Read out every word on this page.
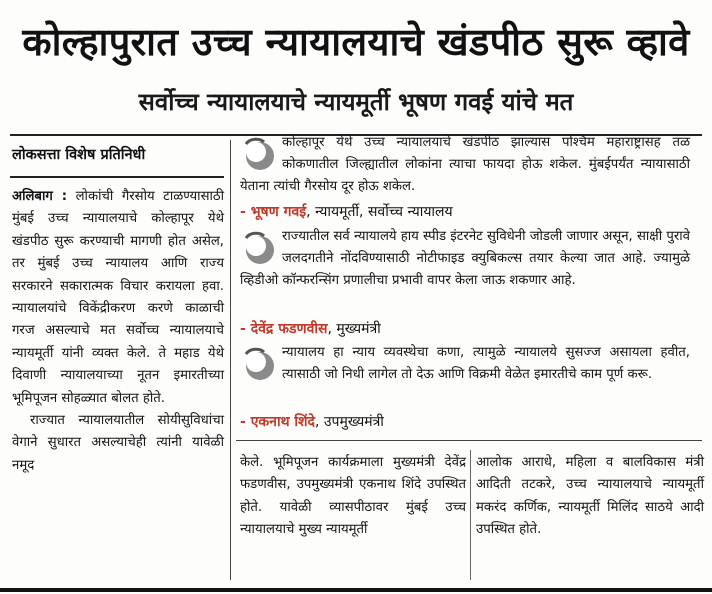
कोल्हापुरात उच्च न्यायालयाचे खंडपीठ सुरू व्हावे
सर्वोच्च न्यायालयाचे न्यायमूर्ती भूषण गवई यांचे मत
लोकसत्ता विशेष प्रतिनिधी

अलिबाग : लोकांची गैरसोय टाळण्यासाठी मुंबई उच्च न्यायालयाचे कोल्हापूर येथे खंडपीठ सुरू करण्याची मागणी होत असेल, तर मुंबई उच्च न्यायालय आणि राज्य सरकारने सकारात्मक विचार करायला हवा. न्यायालयांचे विकेंद्रीकरण करणे काळाची गरज असल्याचे मत सर्वोच्च न्यायालयाचे न्यायमूर्ती यांनी व्यक्त केले. ते महाड येथे दिवाणी न्यायालयाच्या नूतन इमारतीच्या भूमिपूजन सोहळ्यात बोलत होते.

राज्यात न्यायालयातील सोयीसुविधांचा वेगाने सुधारत असल्याचेही त्यांनी यावेळी नमूद

कोल्हापूर येथे उच्च न्यायालयाचे खंडपीठ झाल्यास पश्चिम महाराष्ट्रासह तळ कोकणातील जिल्ह्यातील लोकांना त्याचा फायदा होऊ शकेल. मुंबईपर्यंत न्यायासाठी येताना त्यांची गैरसोय दूर होऊ शकेल.

- भूषण गवई, न्यायमूर्ती, सर्वोच्च न्यायालय

राज्यातील सर्व न्यायालये हाय स्पीड इंटरनेट सुविधेनी जोडली जाणार असून, साक्षी पुरावे जलदगतीने नोंदविण्यासाठी नोटीफाइड क्युबिकल्स तयार केल्या जात आहे. ज्यामुळे व्हिडीओ कॉन्फरन्सिंग प्रणालीचा प्रभावी वापर केला जाऊ शकणार आहे.

- देवेंद्र फडणवीस, मुख्यमंत्री

न्यायालय हा न्याय व्यवस्थेचा कणा, त्यामुळे न्यायालये सुसज्ज असायला हवीत, त्यासाठी जो निधी लागेल तो देऊ आणि विक्रमी वेळेत इमारतीचे काम पूर्ण करू.

- एकनाथ शिंदे, उपमुख्यमंत्री
केले. भूमिपूजन कार्यक्रमाला मुख्यमंत्री देवेंद्र फडणवीस, उपमुख्यमंत्री एकनाथ शिंदे उपस्थित होते. यावेळी व्यासपीठावर मुंबई उच्च न्यायालयाचे मुख्य न्यायमूर्ती
आलोक आराधे, महिला व बालविकास मंत्री आदिती तटकरे, उच्च न्यायालयाचे न्यायमूर्ती मकरंद कर्णिक, न्यायमूर्ती मिलिंद साठये आदी उपस्थित होते.
